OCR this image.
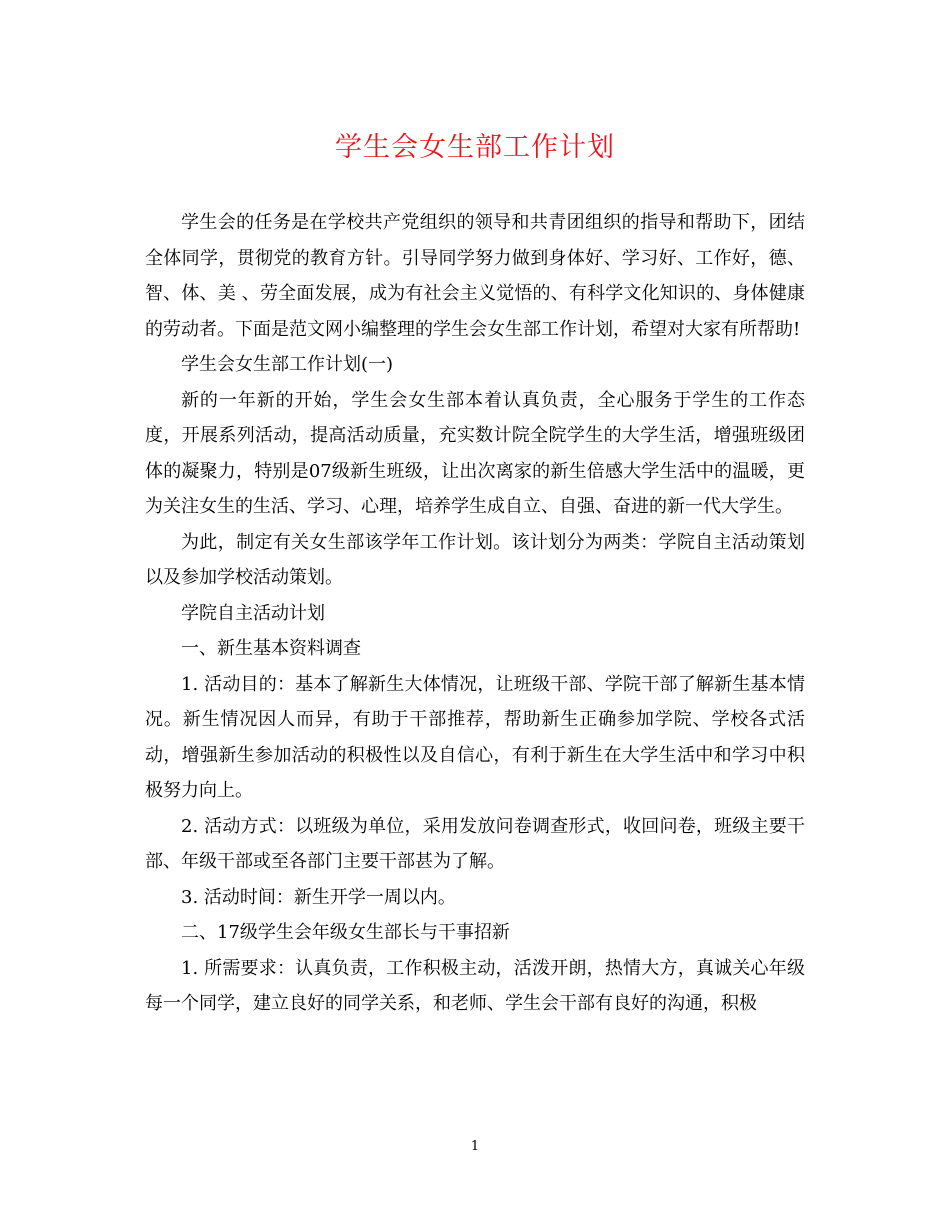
学生会女生部工作计划

学生会的任务是在学校共产党组织的领导和共青团组织的指导和帮助下，团结全体同学，贯彻党的教育方针。引导同学努力做到身体好、学习好、工作好，德、智、体、美 、劳全面发展，成为有社会主义觉悟的、有科学文化知识的、身体健康的劳动者。下面是范文网小编整理的学生会女生部工作计划，希望对大家有所帮助!

学生会女生部工作计划(一)

新的一年新的开始，学生会女生部本着认真负责，全心服务于学生的工作态度，开展系列活动，提高活动质量，充实数计院全院学生的大学生活，增强班级团体的凝聚力，特别是07级新生班级，让出次离家的新生倍感大学生活中的温暖，更为关注女生的生活、学习、心理，培养学生成自立、自强、奋进的新一代大学生。

为此，制定有关女生部该学年工作计划。该计划分为两类：学院自主活动策划以及参加学校活动策划。

学院自主活动计划

一、新生基本资料调查

1. 活动目的：基本了解新生大体情况，让班级干部、学院干部了解新生基本情况。新生情况因人而异，有助于干部推荐，帮助新生正确参加学院、学校各式活动，增强新生参加活动的积极性以及自信心，有利于新生在大学生活中和学习中积极努力向上。

2. 活动方式：以班级为单位，采用发放问卷调查形式，收回问卷，班级主要干部、年级干部或至各部门主要干部甚为了解。

3. 活动时间：新生开学一周以内。

二、17级学生会年级女生部长与干事招新

1. 所需要求：认真负责，工作积极主动，活泼开朗，热情大方，真诚关心年级每一个同学，建立良好的同学关系，和老师、学生会干部有良好的沟通，积极

1
